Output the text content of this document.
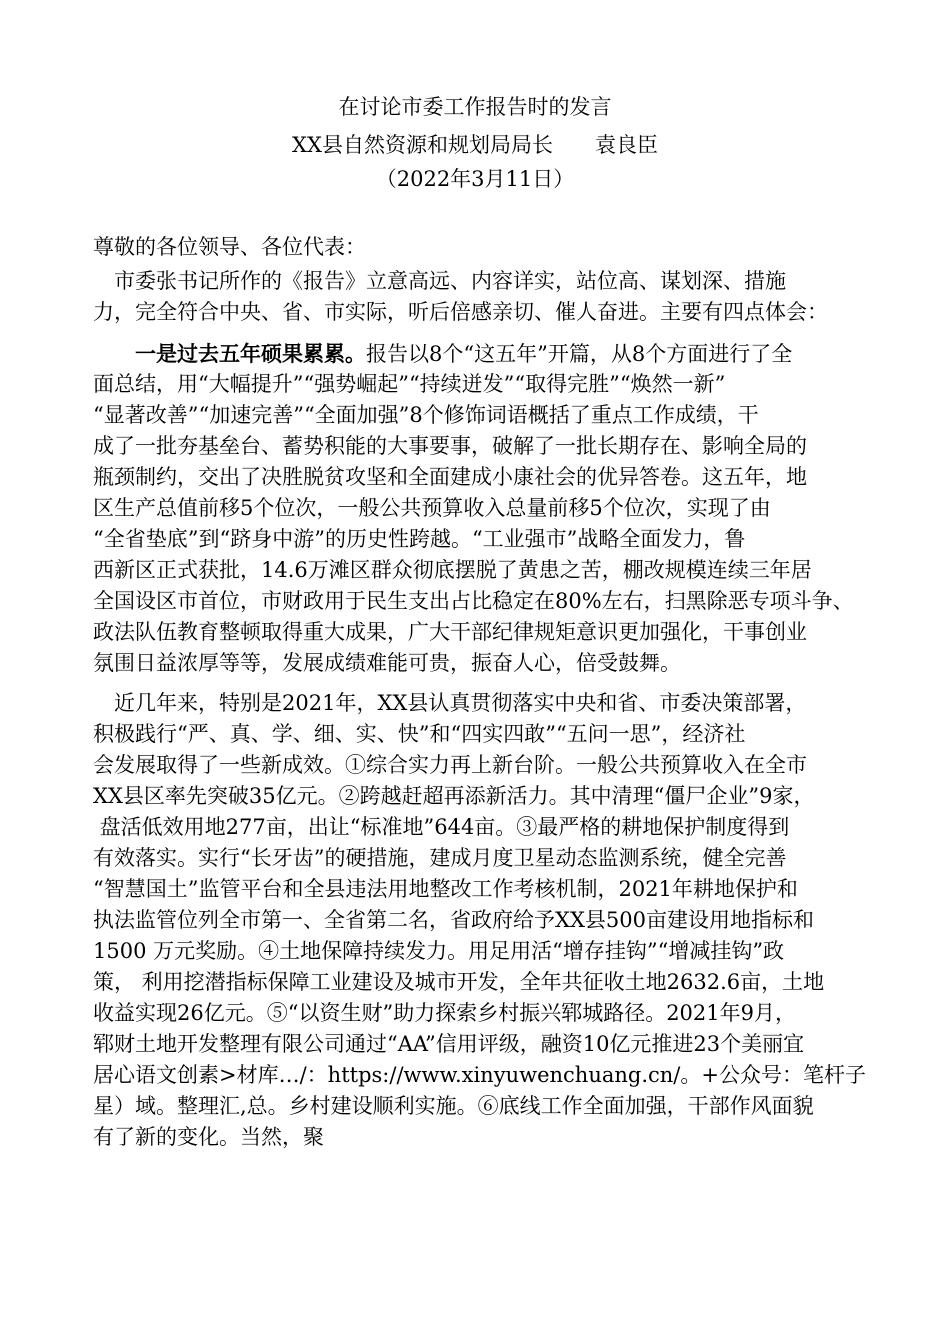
在讨论市委工作报告时的发言
XX县自然资源和规划局局长　　袁良臣
（2022年3月11日）
尊敬的各位领导、各位代表：
　市委张书记所作的《报告》立意高远、内容详实，站位高、谋划深、措施
力，完全符合中央、省、市实际，听后倍感亲切、催人奋进。主要有四点体会：
一是过去五年硕果累累。报告以8个“这五年”开篇，从8个方面进行了全
面总结，用“大幅提升”“强势崛起”“持续迸发”“取得完胜”“焕然一新”
“显著改善”“加速完善”“全面加强”8个修饰词语概括了重点工作成绩，干
成了一批夯基垒台、蓄势积能的大事要事，破解了一批长期存在、影响全局的
瓶颈制约，交出了决胜脱贫攻坚和全面建成小康社会的优异答卷。这五年，地
区生产总值前移5个位次，一般公共预算收入总量前移5个位次，实现了由
“全省垫底”到“跻身中游”的历史性跨越。“工业强市”战略全面发力，鲁
西新区正式获批，14.6万滩区群众彻底摆脱了黄患之苦，棚改规模连续三年居
全国设区市首位，市财政用于民生支出占比稳定在80%左右，扫黑除恶专项斗争、
政法队伍教育整顿取得重大成果，广大干部纪律规矩意识更加强化，干事创业
氛围日益浓厚等等，发展成绩难能可贵，振奋人心，倍受鼓舞。
　近几年来，特别是2021年，XX县认真贯彻落实中央和省、市委决策部署，
积极践行“严、真、学、细、实、快”和“四实四敢”“五问一思”，经济社
会发展取得了一些新成效。①综合实力再上新台阶。一般公共预算收入在全市
XX县区率先突破35亿元。②跨越赶超再添新活力。其中清理“僵尸企业”9家，
盘活低效用地277亩，出让“标准地”644亩。③最严格的耕地保护制度得到
有效落实。实行“长牙齿”的硬措施，建成月度卫星动态监测系统，健全完善
“智慧国土”监管平台和全县违法用地整改工作考核机制，2021年耕地保护和
执法监管位列全市第一、全省第二名，省政府给予XX县500亩建设用地指标和
1500 万元奖励。④土地保障持续发力。用足用活“增存挂钩”“增减挂钩”政
策， 利用挖潜指标保障工业建设及城市开发，全年共征收土地2632.6亩，土地
收益实现26亿元。⑤“以资生财”助力探索乡村振兴郓城路径。2021年9月，
郓财土地开发整理有限公司通过“AA”信用评级，融资10亿元推进23个美丽宜
居心语文创素>材库…/：https://www.xinyuwenchuang.cn/。+公众号：笔杆子
星）域。整理汇,总。乡村建设顺利实施。⑥底线工作全面加强，干部作风面貌
有了新的变化。当然，聚
